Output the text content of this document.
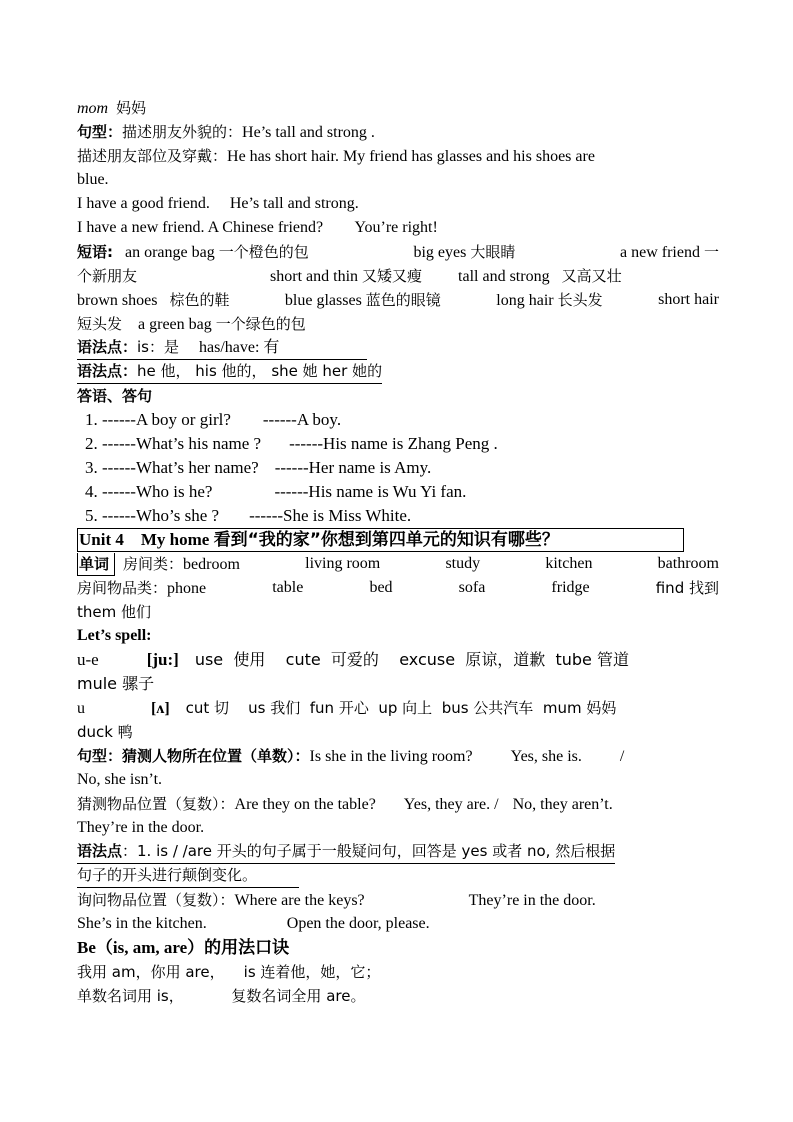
mom 妈妈
句型：描述朋友外貌的：He’s tall and strong .
描述朋友部位及穿戴：He has short hair. My friend has glasses and his shoes are
blue.
I have a good friend. He’s tall and strong.
I have a new friend. A Chinese friend? You’re right!
短语: an orange bag 一个橙色的包	big eyes 大眼睛	a new friend 一
个新朋友	short and thin 又矮又瘦 tall and strong 又高又壮
brown shoes 棕色的鞋	blue glasses 蓝色的眼镜	long hair 长头发	short hair
短头发 a green bag 一个绿色的包
语法点：is：是 has/have: 有
语法点：he 他， his 他的， she 她 her 她的
答语、答句
1. ------A boy or girl? ------A boy.
2. ------What’s his name ? ------His name is Zhang Peng .
3. ------What’s her name? ------Her name is Amy.
4. ------Who is he?	------His name is Wu Yi fan.
5. ------Who’s she ? ------She is Miss White.
Unit 4    My home 看到“我的家”你想到第四单元的知识有哪些？
单词 房间类：bedroom	living room	study	kitchen	bathroom
房间物品类：phone	table	bed	sofa	fridge	find 找到
them 他们
Let’s spell:
u-e	[ju:] use  使用    cute  可爱的    excuse  原谅，道歉  tube 管道
mule 骡子
u	[ʌ] cut 切    us 我们  fun 开心  up 向上  bus 公共汽车  mum 妈妈
duck 鸭
句型：猜测人物所在位置（单数）：Is she in the living room? Yes, she is. /
No, she isn’t.
猜测物品位置（复数）：Are they on the table? Yes, they are. / No, they aren’t.
They’re in the door.
语法点：1. is / /are 开头的句子属于一般疑问句，回答是 yes 或者 no, 然后根据
句子的开头进行颠倒变化。
询问物品位置（复数）：Where are the keys?	They’re in the door.
She’s in the kitchen.	Open the door, please.
Be（is, am, are）的用法口诀
我用 am，你用 are，    is 连着他，她，它；
单数名词用 is，          复数名词全用 are。
